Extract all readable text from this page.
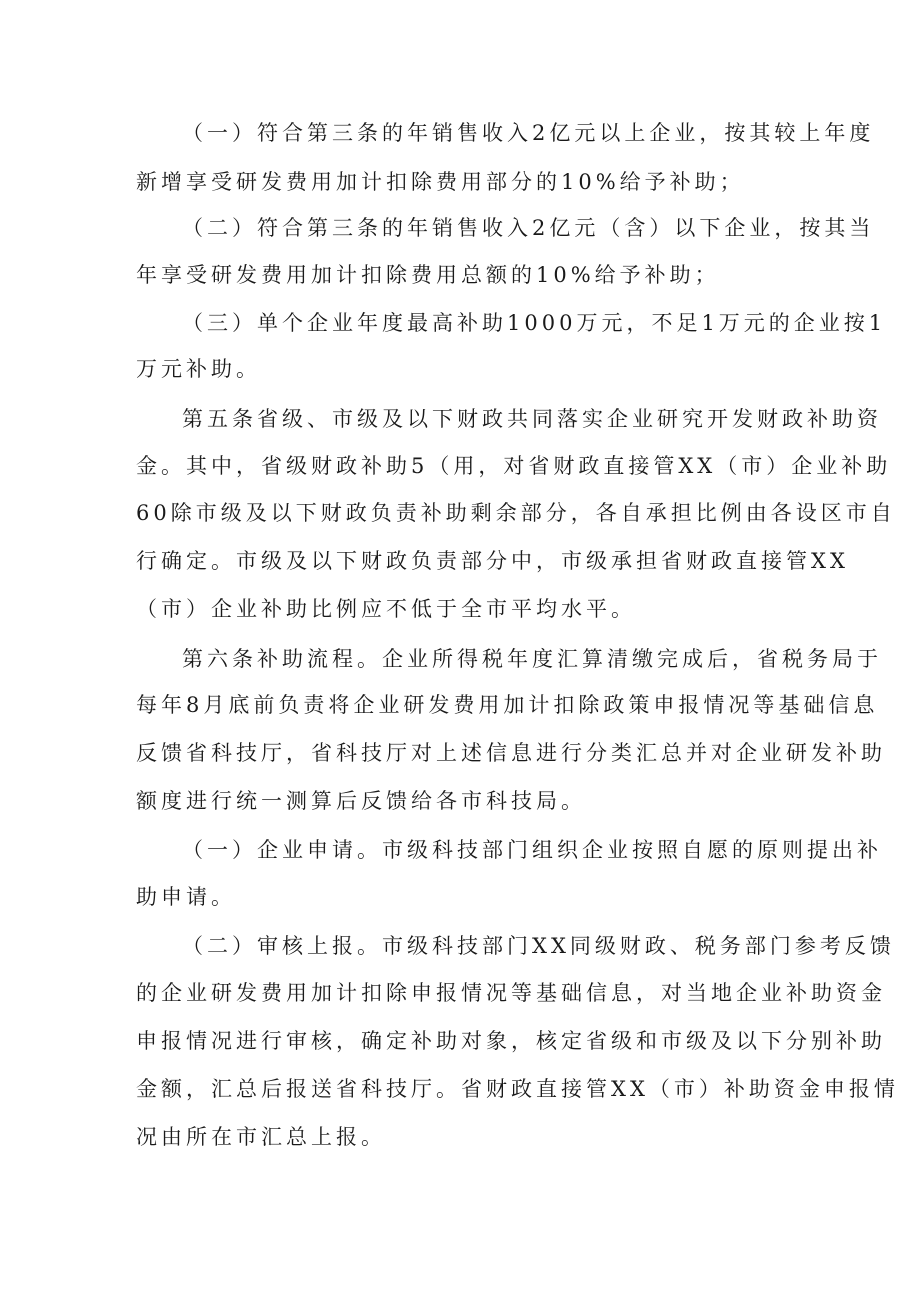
（一）符合第三条的年销售收入2亿元以上企业，按其较上年度
新增享受研发费用加计扣除费用部分的10%给予补助；
（二）符合第三条的年销售收入2亿元（含）以下企业，按其当
年享受研发费用加计扣除费用总额的10%给予补助；
（三）单个企业年度最高补助1000万元，不足1万元的企业按1
万元补助。
第五条省级、市级及以下财政共同落实企业研究开发财政补助资
金。其中，省级财政补助5（用，对省财政直接管XX（市）企业补助
60除市级及以下财政负责补助剩余部分，各自承担比例由各设区市自
行确定。市级及以下财政负责部分中，市级承担省财政直接管XX
（市）企业补助比例应不低于全市平均水平。
第六条补助流程。企业所得税年度汇算清缴完成后，省税务局于
每年8月底前负责将企业研发费用加计扣除政策申报情况等基础信息
反馈省科技厅，省科技厅对上述信息进行分类汇总并对企业研发补助
额度进行统一测算后反馈给各市科技局。
（一）企业申请。市级科技部门组织企业按照自愿的原则提出补
助申请。
（二）审核上报。市级科技部门XX同级财政、税务部门参考反馈
的企业研发费用加计扣除申报情况等基础信息，对当地企业补助资金
申报情况进行审核，确定补助对象，核定省级和市级及以下分别补助
金额，汇总后报送省科技厅。省财政直接管XX（市）补助资金申报情
况由所在市汇总上报。
